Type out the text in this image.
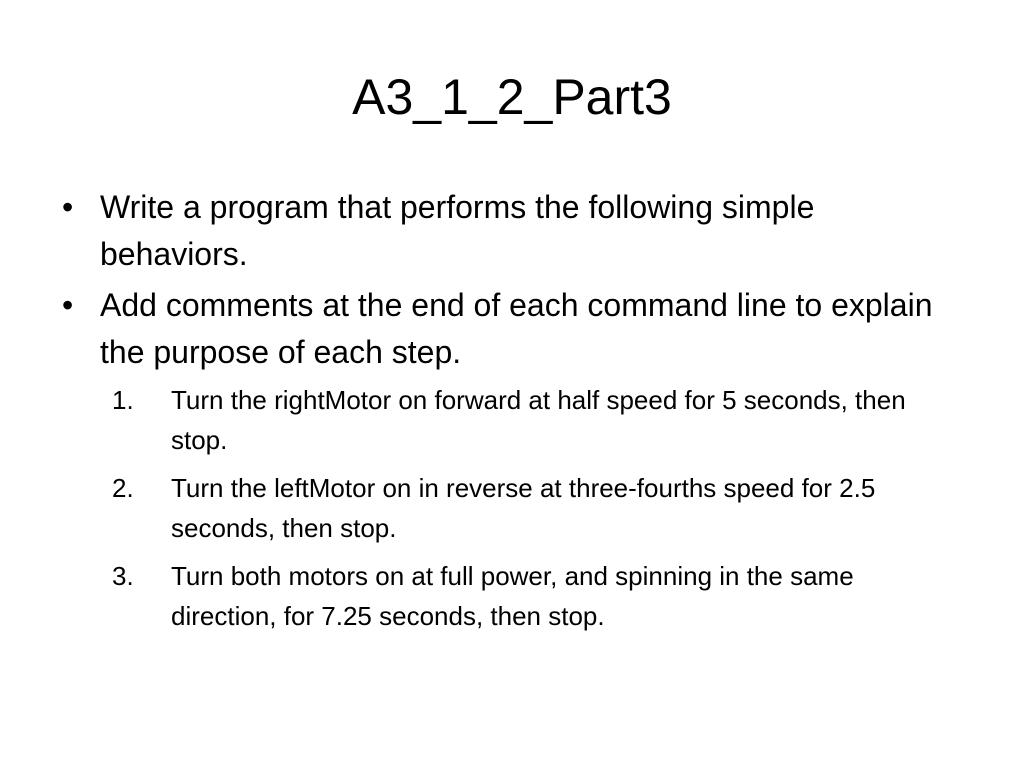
A3_1_2_Part3
• Write a program that performs the following simple behaviors.
• Add comments at the end of each command line to explain the purpose of each step.
1. Turn the rightMotor on forward at half speed for 5 seconds, then stop.
2. Turn the leftMotor on in reverse at three-fourths speed for 2.5 seconds, then stop.
3. Turn both motors on at full power, and spinning in the same direction, for 7.25 seconds, then stop.
